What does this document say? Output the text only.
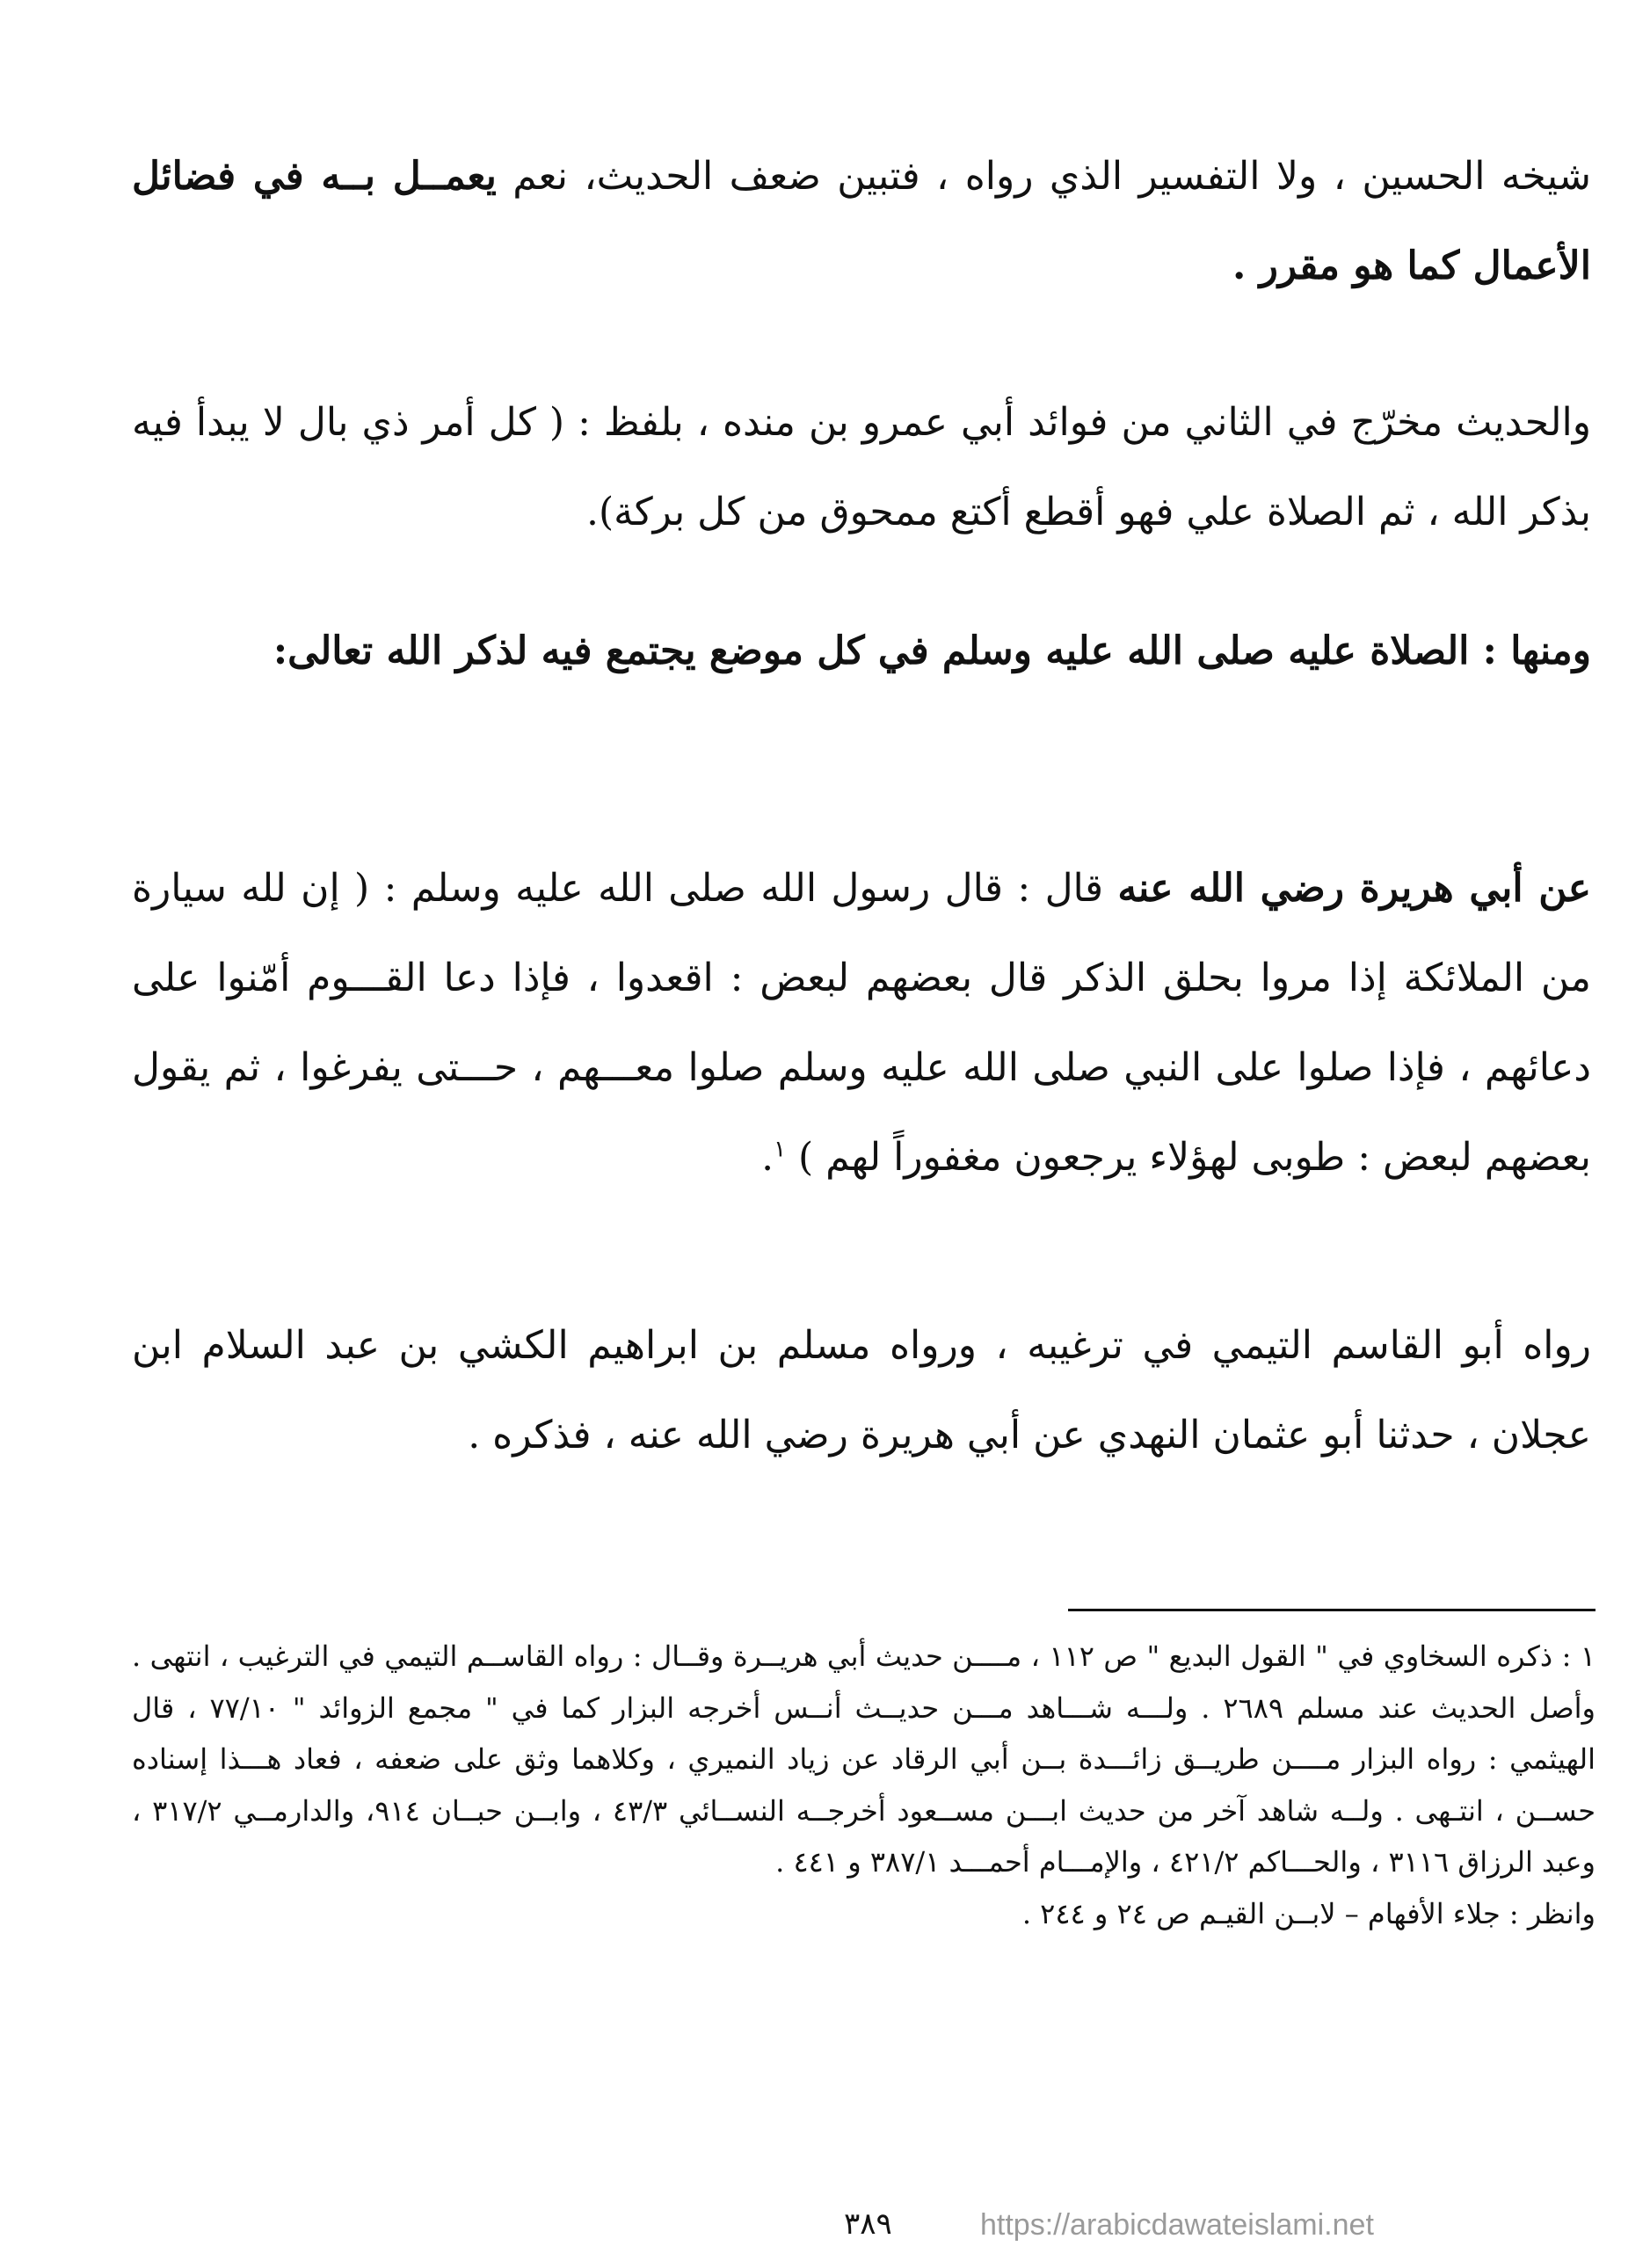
شيخه الحسين ، ولا التفسير الذي رواه ، فتبين ضعف الحديث، نعم يعمــل بــه في فضائل الأعمال كما هو مقرر .

والحديث مخرّج في الثاني من فوائد أبي عمرو بن منده ، بلفظ : ( كل أمر ذي بال لا يبدأ فيه بذكر الله ، ثم الصلاة علي فهو أقطع أكتع ممحوق من كل بركة).

ومنها : الصلاة عليه صلى الله عليه وسلم في كل موضع يجتمع فيه لذكر الله تعالى:

عن أبي هريرة رضي الله عنه قال : قال رسول الله صلى الله عليه وسلم : ( إن لله سيارة من الملائكة إذا مروا بحلق الذكر قال بعضهم لبعض : اقعدوا ، فإذا دعا القـــوم أمّنوا على دعائهم ، فإذا صلوا على النبي صلى الله عليه وسلم صلوا معـــهم ، حـــتى يفرغوا ، ثم يقول بعضهم لبعض : طوبى لهؤلاء يرجعون مغفوراً لهم ) $^١$.

رواه أبو القاسم التيمي في ترغيبه ، ورواه مسلم بن ابراهيم الكشي بن عبد السلام ابن عجلان ، حدثنا أبو عثمان النهدي عن أبي هريرة رضي الله عنه ، فذكره .

١ : ذكره السخاوي في " القول البديع " ص ١١٢ ، مــــن حديث أبي هريــرة وقــال : رواه القاســم التيمي في الترغيب ، انتهى . وأصل الحديث عند مسلم ٢٦٨٩ . ولـــه شـــاهد مـــن حديــث أنــس أخرجه البزار كما في " مجمع الزوائد " ٧٧/١٠ ، قال الهيثمي : رواه البزار مــــن طريــق زائـــدة بــن أبي الرقاد عن زياد النميري ، وكلاهما وثق على ضعفه ، فعاد هـــذا إسناده حســن ، انتـهى . ولــه شاهد آخر من حديث ابـــن مســعود أخرجــه النســائي ٤٣/٣ ، وابــن حبــان ٩١٤، والدارمــي ٣١٧/٢ ، وعبد الرزاق ٣١١٦ ، والحـــاكم ٤٢١/٢ ، والإمـــام أحمـــد ٣٨٧/١ و ٤٤١ .
وانظر : جلاء الأفهام – لابــن القيـم ص ٢٤ و ٢٤٤ .
٣٨٩	https://arabicdawateislami.net
